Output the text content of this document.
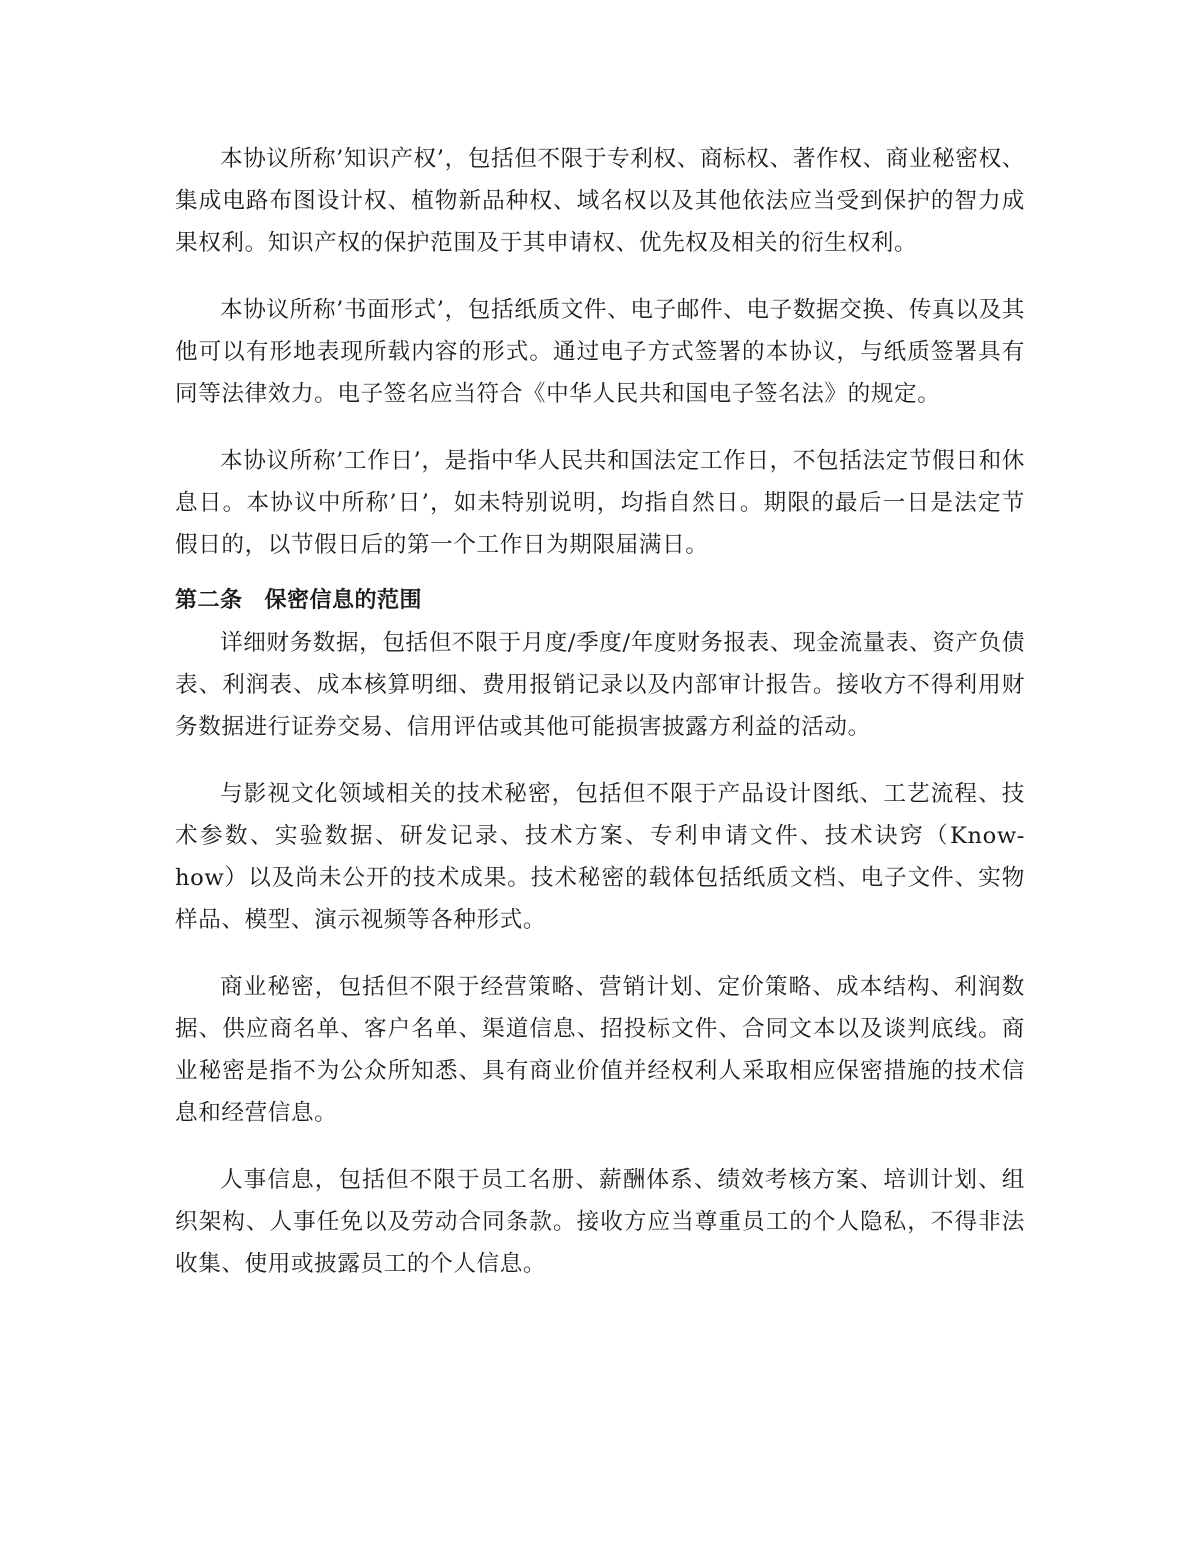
本协议所称’知识产权’，包括但不限于专利权、商标权、著作权、商业秘密权、集成电路布图设计权、植物新品种权、域名权以及其他依法应当受到保护的智力成果权利。知识产权的保护范围及于其申请权、优先权及相关的衍生权利。

本协议所称’书面形式’，包括纸质文件、电子邮件、电子数据交换、传真以及其他可以有形地表现所载内容的形式。通过电子方式签署的本协议，与纸质签署具有同等法律效力。电子签名应当符合《中华人民共和国电子签名法》的规定。

本协议所称’工作日’，是指中华人民共和国法定工作日，不包括法定节假日和休息日。本协议中所称’日’，如未特别说明，均指自然日。期限的最后一日是法定节假日的，以节假日后的第一个工作日为期限届满日。

第二条 保密信息的范围

详细财务数据，包括但不限于月度/季度/年度财务报表、现金流量表、资产负债表、利润表、成本核算明细、费用报销记录以及内部审计报告。接收方不得利用财务数据进行证券交易、信用评估或其他可能损害披露方利益的活动。

与影视文化领域相关的技术秘密，包括但不限于产品设计图纸、工艺流程、技术参数、实验数据、研发记录、技术方案、专利申请文件、技术诀窍（Know-how）以及尚未公开的技术成果。技术秘密的载体包括纸质文档、电子文件、实物样品、模型、演示视频等各种形式。

商业秘密，包括但不限于经营策略、营销计划、定价策略、成本结构、利润数据、供应商名单、客户名单、渠道信息、招投标文件、合同文本以及谈判底线。商业秘密是指不为公众所知悉、具有商业价值并经权利人采取相应保密措施的技术信息和经营信息。

人事信息，包括但不限于员工名册、薪酬体系、绩效考核方案、培训计划、组织架构、人事任免以及劳动合同条款。接收方应当尊重员工的个人隐私，不得非法收集、使用或披露员工的个人信息。
